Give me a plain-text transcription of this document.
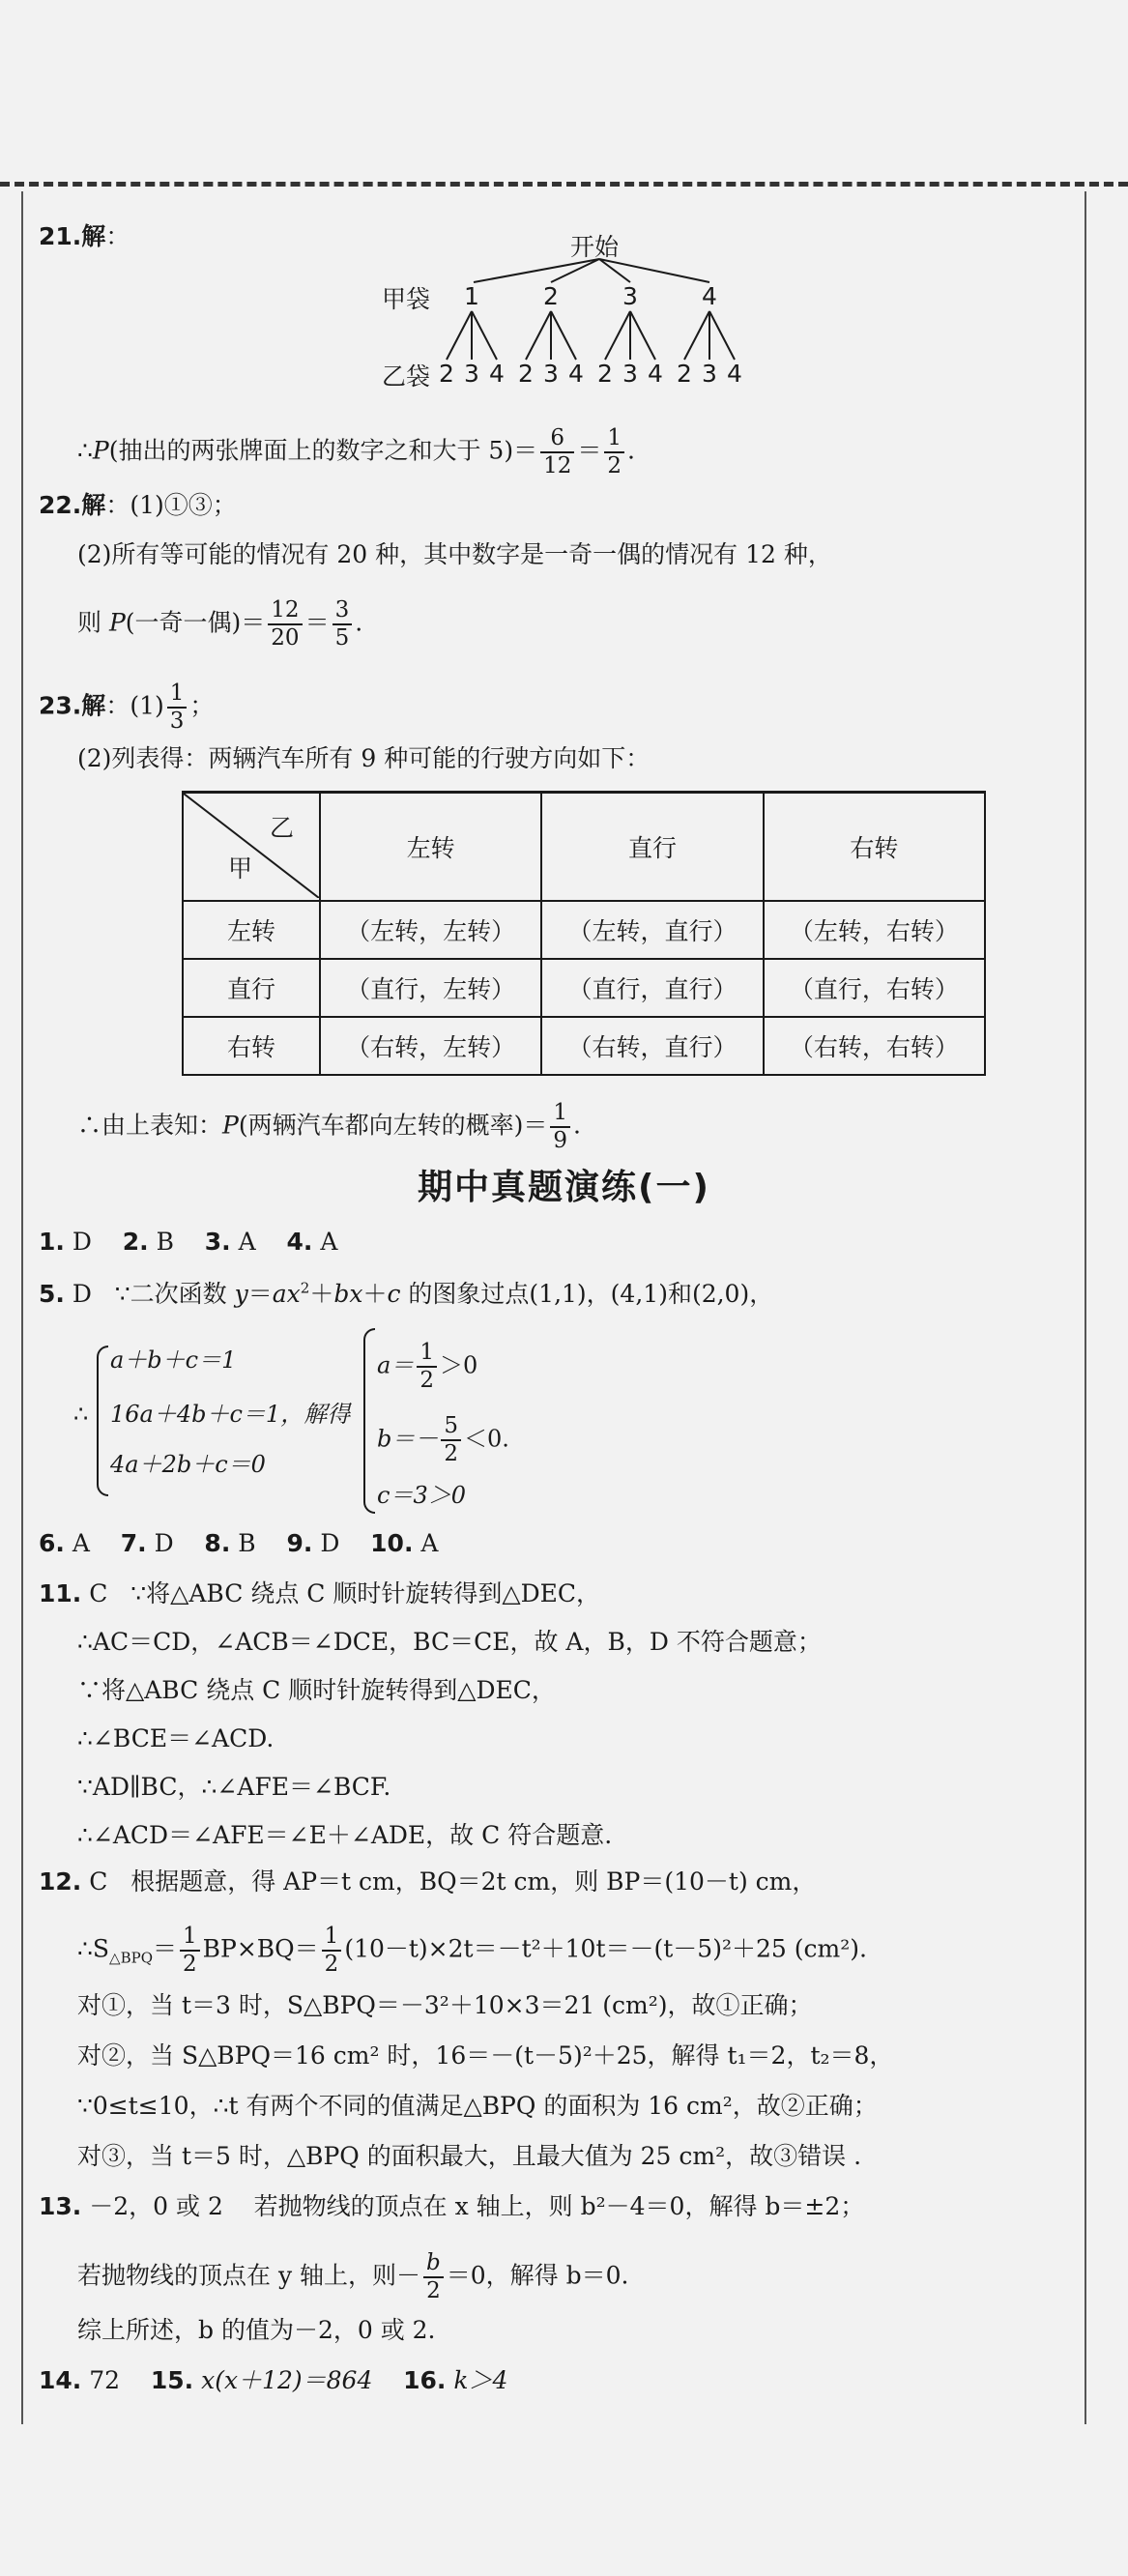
21.解：	开始
甲袋
乙袋
1	2	3	4
2 3 4 2 3 4 2 3 4 2 3 4
∴P(抽出的两张牌面上的数字之和大于 $5)= \frac{6}{12} = \frac{1}{2}$ .
22.解：(1)①③；
(2)所有等可能的情况有 20 种，其中数字是一奇一偶的情况有 12 种，
则 P(一奇一偶)＝ $\frac{12}{20} = \frac{3}{5}$ .
23.解：$(1) \frac{1}{3}$ ；
(2)列表得：两辆汽车所有 9 种可能的行驶方向如下：
乙
甲	左转	直行	右转
左转	（左转，左转）	（左转，直行）	（左转，右转）
直行	（直行，左转）	（直行，直行）	（直行，右转）
右转	（右转，左转）	（右转，直行）	（右转，右转）
∴由上表知：P(两辆汽车都向左转的概率)＝ $\frac{1}{9}$ .
期中真题演练(一)
1. D 2. B 3. A 4. A
5. D ∵二次函数 $y=ax^2+bx+c$ 的图象过点(1,1)，(4,1)和(2,0)，
∴
a＋b＋c＝1
16a＋4b＋c＝1，解得
4a＋2b＋c＝0
$a= \frac{1}{2} >0$
$b=- \frac{5}{2} <0$.
c＝3＞0
6. A 7. D 8. B 9. D 10. A
11. C ∵将△ABC 绕点 C 顺时针旋转得到△DEC，
∴AC＝CD，∠ACB＝∠DCE，BC＝CE，故 A，B，D 不符合题意；
∵将△ABC 绕点 C 顺时针旋转得到△DEC，
∴∠BCE＝∠ACD.
∵AD∥BC，∴∠AFE＝∠BCF.
∴∠ACD＝∠AFE＝∠E＋∠ADE，故 C 符合题意.
12. C 根据题意，得 AP＝t cm，BQ＝2t cm，则 BP＝(10－t) cm，
$\therefore S_{\triangle BPQ}= \frac{1}{2} BP\times BQ= \frac{1}{2} (10-t)\times 2t=-t^2+10t=-(t-5)^2+25$ (cm²).
对①，当 t＝3 时，S△BPQ＝－3²＋10×3＝21 (cm²)，故①正确；
对②，当 S△BPQ＝16 cm² 时，16＝－(t－5)²＋25，解得 t₁＝2，t₂＝8，
∵0≤t≤10，∴t 有两个不同的值满足△BPQ 的面积为 16 cm²，故②正确；
对③，当 t＝5 时，△BPQ 的面积最大，且最大值为 25 cm²，故③错误 .
13. －2，0 或 2 若抛物线的顶点在 x 轴上，则 b²－4＝0，解得 b＝±2；
若抛物线的顶点在 y 轴上，则－ $\frac{b}{2} =0$，解得 b＝0.
综上所述，b 的值为－2，0 或 2.
14. 72 15. x(x＋12)＝864 16. k＞4
